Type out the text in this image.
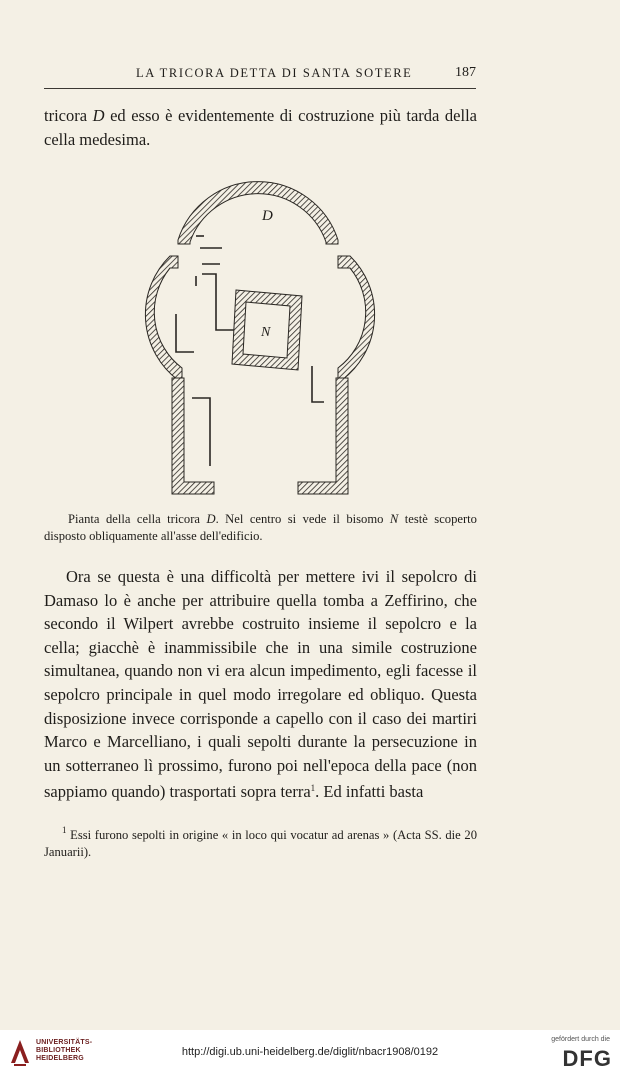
LA TRICORA DETTA DI SANTA SOTERE	187

tricora D ed esso è evidentemente di costruzione più tarda della cella medesima.

D
N

Pianta della cella tricora D. Nel centro si vede il bisomo N testè scoperto disposto obliquamente all'asse dell'edificio.

Ora se questa è una difficoltà per mettere ivi il sepolcro di Damaso lo è anche per attribuire quella tomba a Zeffirino, che secondo il Wilpert avrebbe costruito insieme il sepolcro e la cella; giacchè è inammissibile che in una simile costruzione simultanea, quando non vi era alcun impedimento, egli facesse il sepolcro principale in quel modo irregolare ed obliquo. Questa disposizione invece corrisponde a capello con il caso dei martiri Marco e Marcelliano, i quali sepolti durante la persecuzione in un sotterraneo lì prossimo, furono poi nell'epoca della pace (non sappiamo quando) trasportati sopra terra$^1$. Ed infatti basta

$^1$ Essi furono sepolti in origine « in loco qui vocatur ad arenas » (Acta SS. die 20 Januarii).

UNIVERSITÄTS-
BIBLIOTHEK
HEIDELBERG
http://digi.ub.uni-heidelberg.de/diglit/nbacr1908/0192
gefördert durch die
DFG
